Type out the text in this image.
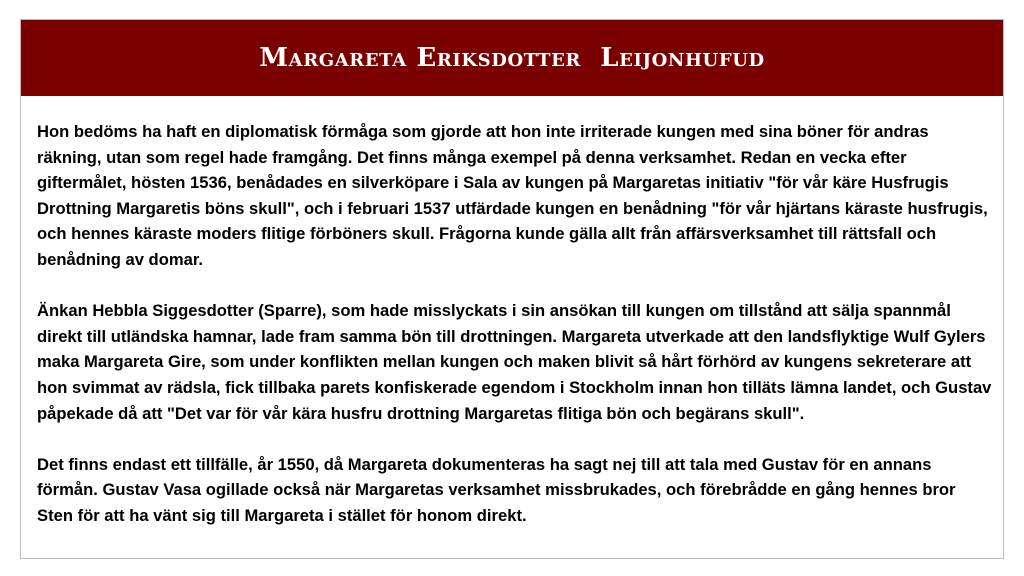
Margareta Eriksdotter  Leijonhufud

Hon bedöms ha haft en diplomatisk förmåga som gjorde att hon inte irriterade kungen med sina böner för andras räkning, utan som regel hade framgång. Det finns många exempel på denna verksamhet. Redan en vecka efter giftermålet, hösten 1536, benådades en silverköpare i Sala av kungen på Margaretas initiativ "för vår käre Husfrugis Drottning Margaretis böns skull", och i februari 1537 utfärdade kungen en benådning "för vår hjärtans käraste husfrugis, och hennes käraste moders flitige förböners skull. Frågorna kunde gälla allt från affärsverksamhet till rättsfall och benådning av domar.

Änkan Hebbla Siggesdotter (Sparre), som hade misslyckats i sin ansökan till kungen om tillstånd att sälja spannmål direkt till utländska hamnar, lade fram samma bön till drottningen. Margareta utverkade att den landsflyktige Wulf Gylers maka Margareta Gire, som under konflikten mellan kungen och maken blivit så hårt förhörd av kungens sekreterare att hon svimmat av rädsla, fick tillbaka parets konfiskerade egendom i Stockholm innan hon tilläts lämna landet, och Gustav påpekade då att "Det var för vår kära husfru drottning Margaretas flitiga bön och begärans skull".

Det finns endast ett tillfälle, år 1550, då Margareta dokumenteras ha sagt nej till att tala med Gustav för en annans förmån. Gustav Vasa ogillade också när Margaretas verksamhet missbrukades, och förebrådde en gång hennes bror Sten för att ha vänt sig till Margareta i stället för honom direkt.
